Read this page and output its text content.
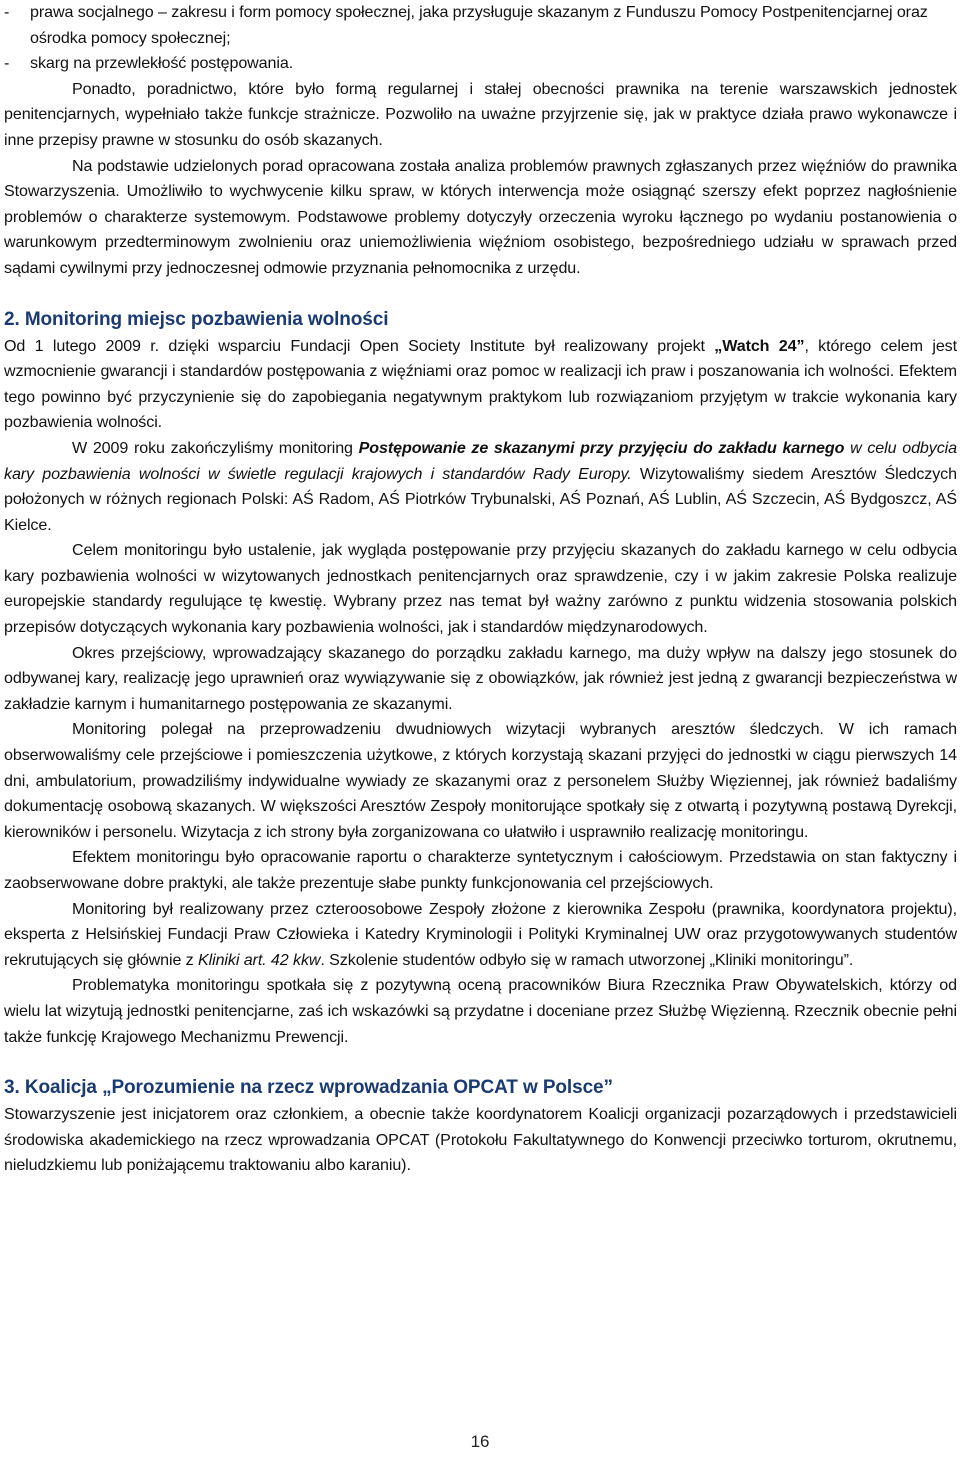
-	prawa socjalnego – zakresu i form pomocy społecznej, jaka przysługuje skazanym z Funduszu Pomocy Postpenitencjarnej oraz ośrodka pomocy społecznej;
-	skarg na przewlekłość postępowania.

Ponadto, poradnictwo, które było formą regularnej i stałej obecności prawnika na terenie warszawskich jednostek penitencjarnych, wypełniało także funkcje strażnicze. Pozwoliło na uważne przyjrzenie się, jak w praktyce działa prawo wykonawcze i inne przepisy prawne w stosunku do osób skazanych.

Na podstawie udzielonych porad opracowana została analiza problemów prawnych zgłaszanych przez więźniów do prawnika Stowarzyszenia. Umożliwiło to wychwycenie kilku spraw, w których interwencja może osiągnąć szerszy efekt poprzez nagłośnienie problemów o charakterze systemowym. Podstawowe problemy dotyczyły orzeczenia wyroku łącznego po wydaniu postanowienia o warunkowym przedterminowym zwolnieniu oraz uniemożliwienia więźniom osobistego, bezpośredniego udziału w sprawach przed sądami cywilnymi przy jednoczesnej odmowie przyznania pełnomocnika z urzędu.

2. Monitoring miejsc pozbawienia wolności

Od 1 lutego 2009 r. dzięki wsparciu Fundacji Open Society Institute był realizowany projekt „Watch 24”, którego celem jest wzmocnienie gwarancji i standardów postępowania z więźniami oraz pomoc w realizacji ich praw i poszanowania ich wolności. Efektem tego powinno być przyczynienie się do zapobiegania negatywnym praktykom lub rozwiązaniom przyjętym w trakcie wykonania kary pozbawienia wolności.

W 2009 roku zakończyliśmy monitoring Postępowanie ze skazanymi przy przyjęciu do zakładu karnego w celu odbycia kary pozbawienia wolności w świetle regulacji krajowych i standardów Rady Europy. Wizytowaliśmy siedem Aresztów Śledczych położonych w różnych regionach Polski: AŚ Radom, AŚ Piotrków Trybunalski, AŚ Poznań, AŚ Lublin, AŚ Szczecin, AŚ Bydgoszcz, AŚ Kielce.

Celem monitoringu było ustalenie, jak wygląda postępowanie przy przyjęciu skazanych do zakładu karnego w celu odbycia kary pozbawienia wolności w wizytowanych jednostkach penitencjarnych oraz sprawdzenie, czy i w jakim zakresie Polska realizuje europejskie standardy regulujące tę kwestię. Wybrany przez nas temat był ważny zarówno z punktu widzenia stosowania polskich przepisów dotyczących wykonania kary pozbawienia wolności, jak i standardów międzynarodowych.

Okres przejściowy, wprowadzający skazanego do porządku zakładu karnego, ma duży wpływ na dalszy jego stosunek do odbywanej kary, realizację jego uprawnień oraz wywiązywanie się z obowiązków, jak również jest jedną z gwarancji bezpieczeństwa w zakładzie karnym i humanitarnego postępowania ze skazanymi.

Monitoring polegał na przeprowadzeniu dwudniowych wizytacji wybranych aresztów śledczych. W ich ramach obserwowaliśmy cele przejściowe i pomieszczenia użytkowe, z których korzystają skazani przyjęci do jednostki w ciągu pierwszych 14 dni, ambulatorium, prowadziliśmy indywidualne wywiady ze skazanymi oraz z personelem Służby Więziennej, jak również badaliśmy dokumentację osobową skazanych. W większości Aresztów Zespoły monitorujące spotkały się z otwartą i pozytywną postawą Dyrekcji, kierowników i personelu. Wizytacja z ich strony była zorganizowana co ułatwiło i usprawniło realizację monitoringu.

Efektem monitoringu było opracowanie raportu o charakterze syntetycznym i całościowym. Przedstawia on stan faktyczny i zaobserwowane dobre praktyki, ale także prezentuje słabe punkty funkcjonowania cel przejściowych.

Monitoring był realizowany przez czteroosobowe Zespoły złożone z kierownika Zespołu (prawnika, koordynatora projektu), eksperta z Helsińskiej Fundacji Praw Człowieka i Katedry Kryminologii i Polityki Kryminalnej UW oraz przygotowywanych studentów rekrutujących się głównie z Kliniki art. 42 kkw. Szkolenie studentów odbyło się w ramach utworzonej „Kliniki monitoringu”.

Problematyka monitoringu spotkała się z pozytywną oceną pracowników Biura Rzecznika Praw Obywatelskich, którzy od wielu lat wizytują jednostki penitencjarne, zaś ich wskazówki są przydatne i doceniane przez Służbę Więzienną. Rzecznik obecnie pełni także funkcję Krajowego Mechanizmu Prewencji.

3. Koalicja „Porozumienie na rzecz wprowadzania OPCAT w Polsce”

Stowarzyszenie jest inicjatorem oraz członkiem, a obecnie także koordynatorem Koalicji organizacji pozarządowych i przedstawicieli środowiska akademickiego na rzecz wprowadzania OPCAT (Protokołu Fakultatywnego do Konwencji przeciwko torturom, okrutnemu, nieludzkiemu lub poniżającemu traktowaniu albo karaniu).

16
